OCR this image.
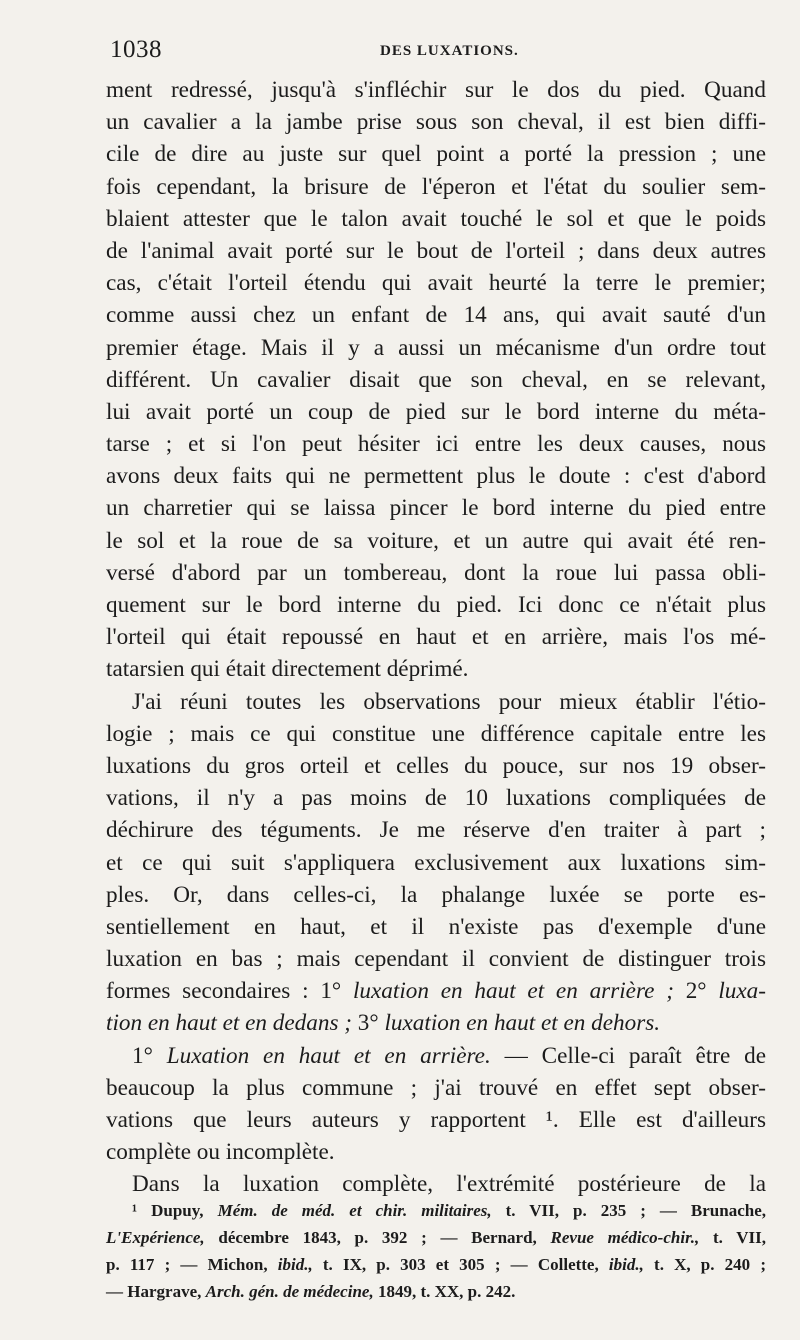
1038	DES LUXATIONS.
ment redressé, jusqu'à s'infléchir sur le dos du pied. Quand
un cavalier a la jambe prise sous son cheval, il est bien diffi-
cile de dire au juste sur quel point a porté la pression ; une
fois cependant, la brisure de l'éperon et l'état du soulier sem-
blaient attester que le talon avait touché le sol et que le poids
de l'animal avait porté sur le bout de l'orteil ; dans deux autres
cas, c'était l'orteil étendu qui avait heurté la terre le premier;
comme aussi chez un enfant de 14 ans, qui avait sauté d'un
premier étage. Mais il y a aussi un mécanisme d'un ordre tout
différent. Un cavalier disait que son cheval, en se relevant,
lui avait porté un coup de pied sur le bord interne du méta-
tarse ; et si l'on peut hésiter ici entre les deux causes, nous
avons deux faits qui ne permettent plus le doute : c'est d'abord
un charretier qui se laissa pincer le bord interne du pied entre
le sol et la roue de sa voiture, et un autre qui avait été ren-
versé d'abord par un tombereau, dont la roue lui passa obli-
quement sur le bord interne du pied. Ici donc ce n'était plus
l'orteil qui était repoussé en haut et en arrière, mais l'os mé-
tatarsien qui était directement déprimé.
J'ai réuni toutes les observations pour mieux établir l'étio-
logie ; mais ce qui constitue une différence capitale entre les
luxations du gros orteil et celles du pouce, sur nos 19 obser-
vations, il n'y a pas moins de 10 luxations compliquées de
déchirure des téguments. Je me réserve d'en traiter à part ;
et ce qui suit s'appliquera exclusivement aux luxations sim-
ples. Or, dans celles-ci, la phalange luxée se porte es-
sentiellement en haut, et il n'existe pas d'exemple d'une
luxation en bas ; mais cependant il convient de distinguer trois
formes secondaires : 1° luxation en haut et en arrière ; 2° luxa-
tion en haut et en dedans ; 3° luxation en haut et en dehors.
1° Luxation en haut et en arrière. — Celle-ci paraît être de
beaucoup la plus commune ; j'ai trouvé en effet sept obser-
vations que leurs auteurs y rapportent ¹. Elle est d'ailleurs
complète ou incomplète.
Dans la luxation complète, l'extrémité postérieure de la
¹ Dupuy, Mém. de méd. et chir. militaires, t. VII, p. 235 ; — Brunache,
L'Expérience, décembre 1843, p. 392 ; — Bernard, Revue médico-chir., t. VII,
p. 117 ; — Michon, ibid., t. IX, p. 303 et 305 ; — Collette, ibid., t. X, p. 240 ;
— Hargrave, Arch. gén. de médecine, 1849, t. XX, p. 242.
